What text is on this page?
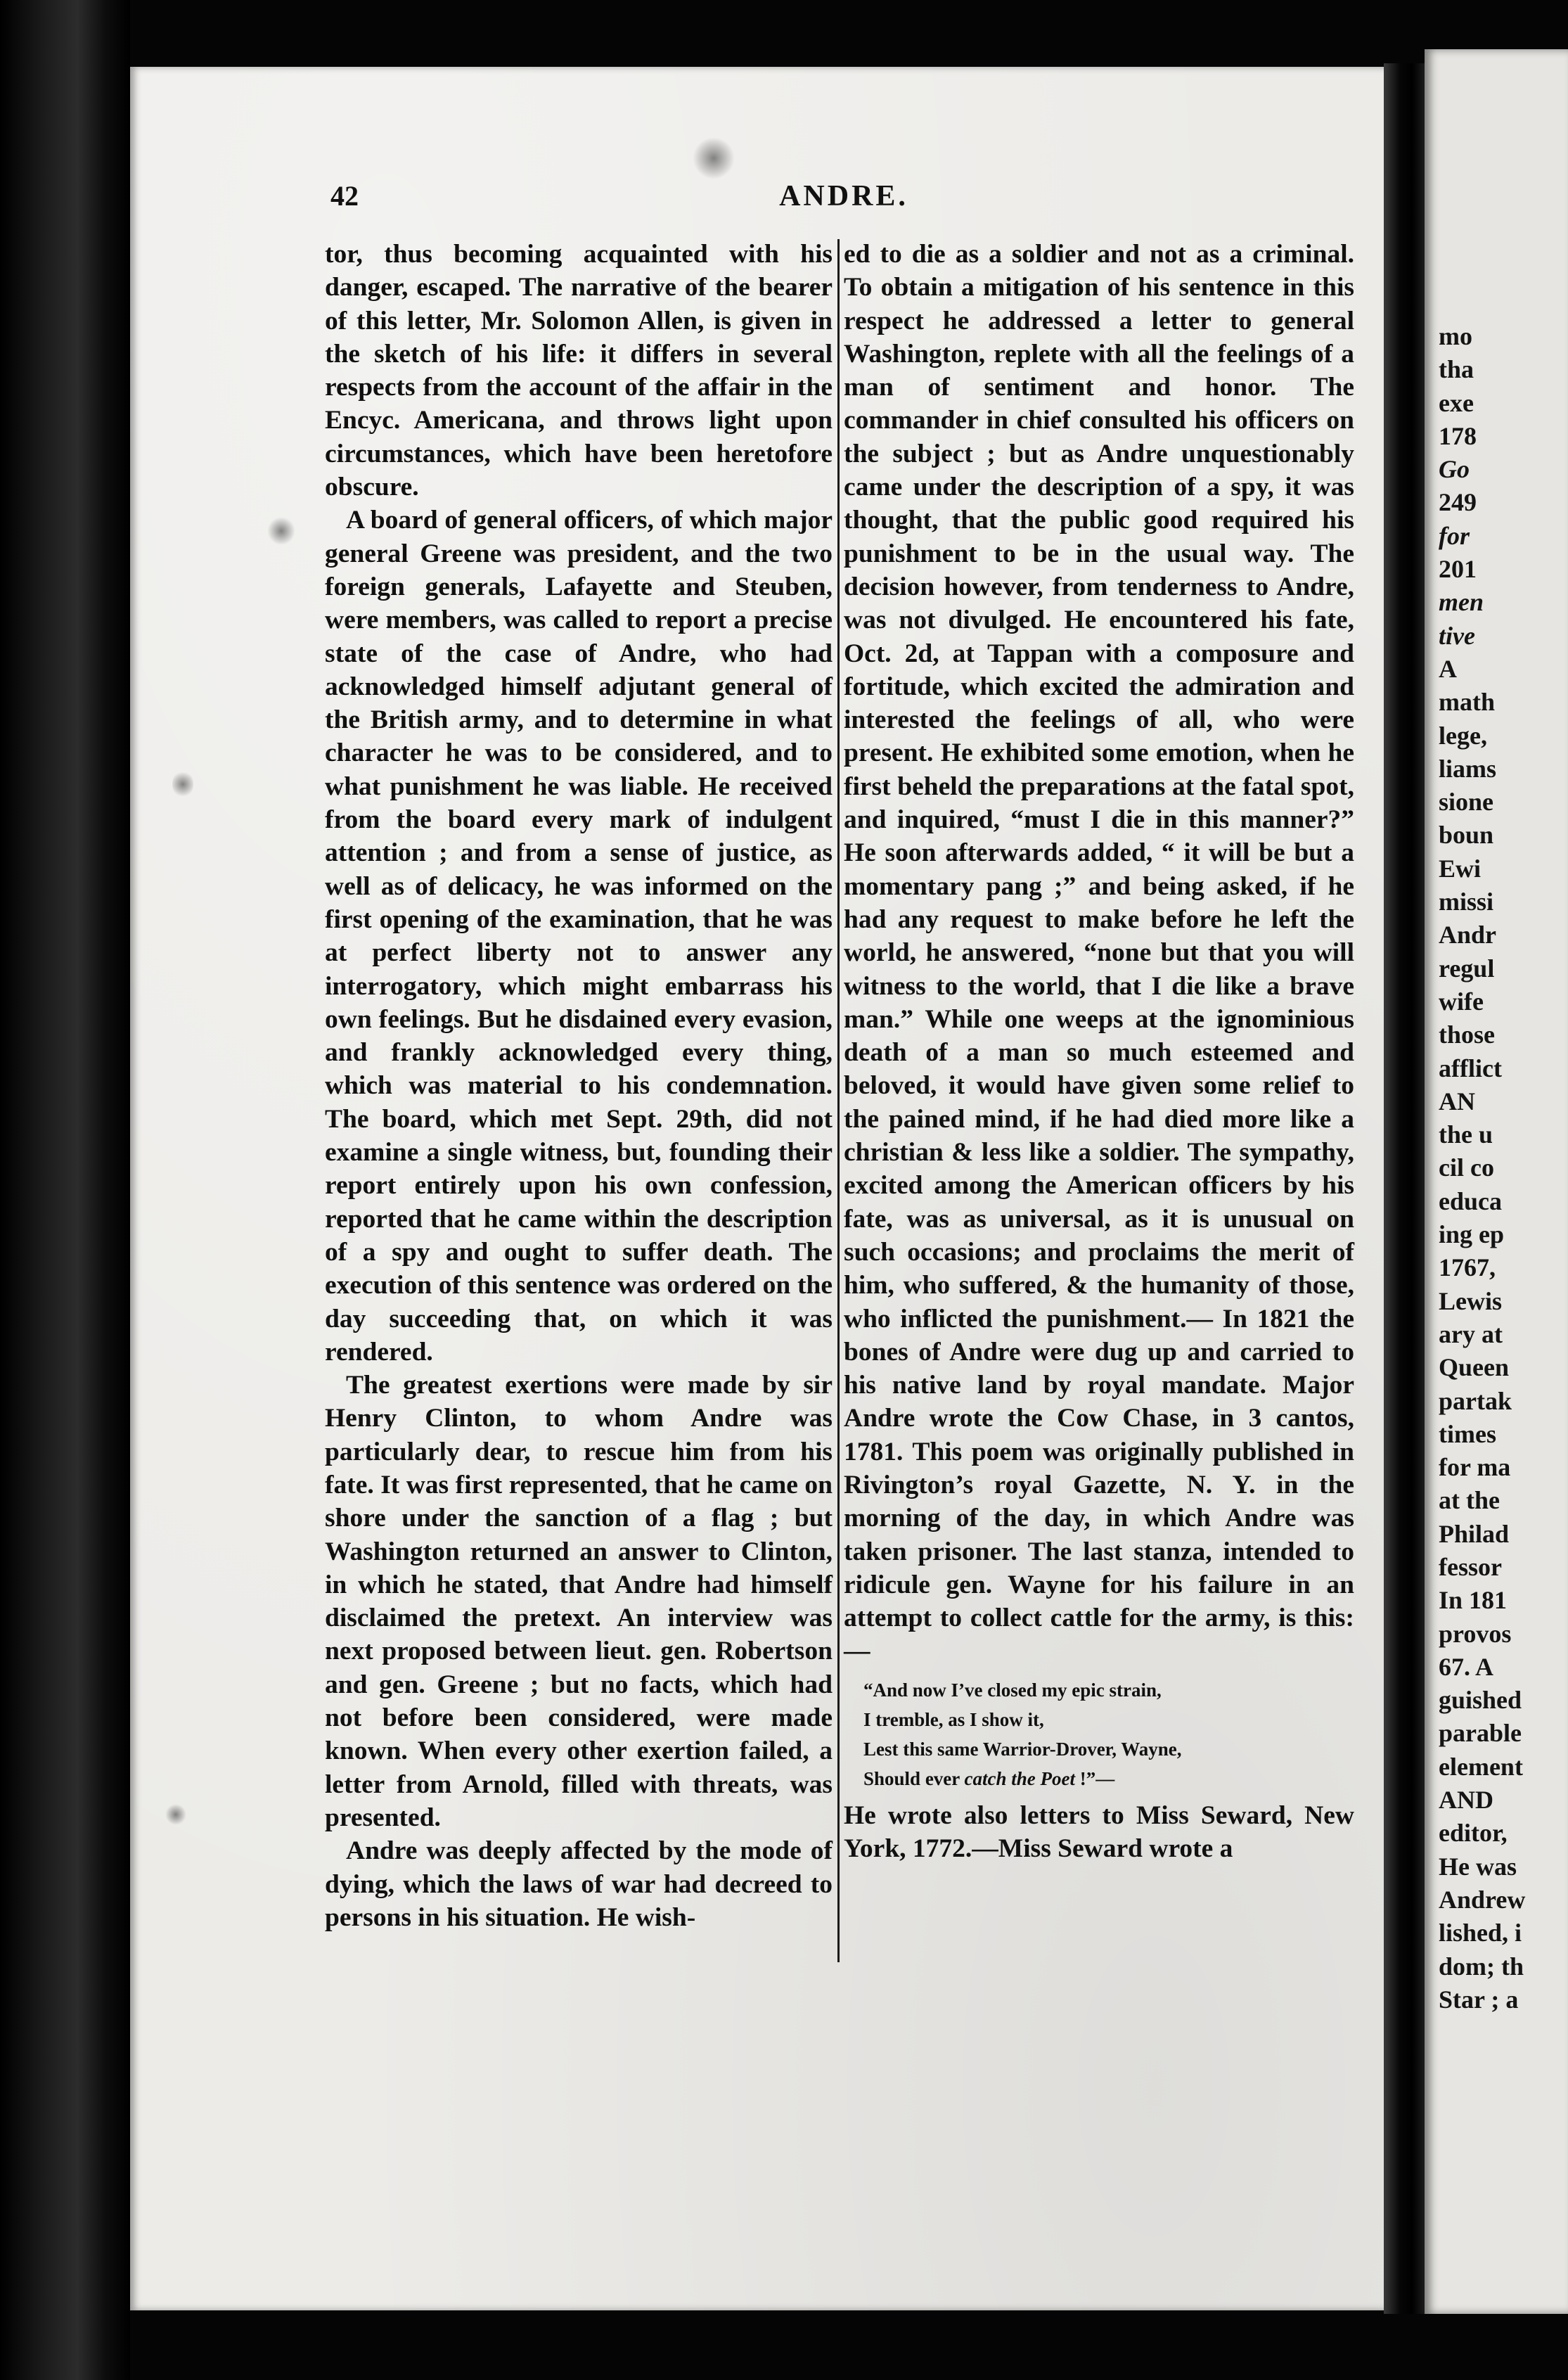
42	ANDRE.

tor, thus becoming acquainted with his danger, escaped. The narrative of the bearer of this letter, Mr. Solomon Allen, is given in the sketch of his life: it differs in several respects from the account of the affair in the Encyc. Americana, and throws light upon circumstances, which have been heretofore obscure.

A board of general officers, of which major general Greene was president, and the two foreign generals, Lafayette and Steuben, were members, was called to report a precise state of the case of Andre, who had acknowledged himself adjutant general of the British army, and to determine in what character he was to be considered, and to what punishment he was liable. He received from the board every mark of indulgent attention ; and from a sense of justice, as well as of delicacy, he was informed on the first opening of the examination, that he was at perfect liberty not to answer any interrogatory, which might embarrass his own feelings. But he disdained every evasion, and frankly acknowledged every thing, which was material to his condemnation. The board, which met Sept. 29th, did not examine a single witness, but, founding their report entirely upon his own confession, reported that he came within the description of a spy and ought to suffer death. The execution of this sentence was ordered on the day succeeding that, on which it was rendered.

The greatest exertions were made by sir Henry Clinton, to whom Andre was particularly dear, to rescue him from his fate. It was first represented, that he came on shore under the sanction of a flag ; but Washington returned an answer to Clinton, in which he stated, that Andre had himself disclaimed the pretext. An interview was next proposed between lieut. gen. Robertson and gen. Greene ; but no facts, which had not before been considered, were made known. When every other exertion failed, a letter from Arnold, filled with threats, was presented.

Andre was deeply affected by the mode of dying, which the laws of war had decreed to persons in his situation. He wish-

ed to die as a soldier and not as a criminal. To obtain a mitigation of his sentence in this respect he addressed a letter to general Washington, replete with all the feelings of a man of sentiment and honor. The commander in chief consulted his officers on the subject ; but as Andre unquestionably came under the description of a spy, it was thought, that the public good required his punishment to be in the usual way. The decision however, from tenderness to Andre, was not divulged. He encountered his fate, Oct. 2d, at Tappan with a composure and fortitude, which excited the admiration and interested the feelings of all, who were present. He exhibited some emotion, when he first beheld the preparations at the fatal spot, and inquired, “must I die in this manner?” He soon afterwards added, “ it will be but a momentary pang ;” and being asked, if he had any request to make before he left the world, he answered, “none but that you will witness to the world, that I die like a brave man.” While one weeps at the ignominious death of a man so much esteemed and beloved, it would have given some relief to the pained mind, if he had died more like a christian & less like a soldier. The sympathy, excited among the American officers by his fate, was as universal, as it is unusual on such occasions; and proclaims the merit of him, who suffered, & the humanity of those, who inflicted the punishment.— In 1821 the bones of Andre were dug up and carried to his native land by royal mandate. Major Andre wrote the Cow Chase, in 3 cantos, 1781. This poem was originally published in Rivington’s royal Gazette, N. Y. in the morning of the day, in which Andre was taken prisoner. The last stanza, intended to ridicule gen. Wayne for his failure in an attempt to collect cattle for the army, is this:—

“And now I’ve closed my epic strain,
I tremble, as I show it,
Lest this same Warrior-Drover, Wayne,
Should ever catch the Poet !”—

He wrote also letters to Miss Seward, New York, 1772.—Miss Seward wrote a

mo
tha
exe
178
Go
249
for
201
men
tive
A
math
lege,
liams
sione
boun
Ewi
missi
Andr
regul
wife
those
afflict
AN
the u
cil co
educa
ing ep
1767,
Lewis
ary at
Queen
partak
times
for ma
at the
Philad
fessor
In 181
provos
67. A
guished
parable
element
AND
editor,
He was
Andrew
lished, i
dom; th
Star ; a
